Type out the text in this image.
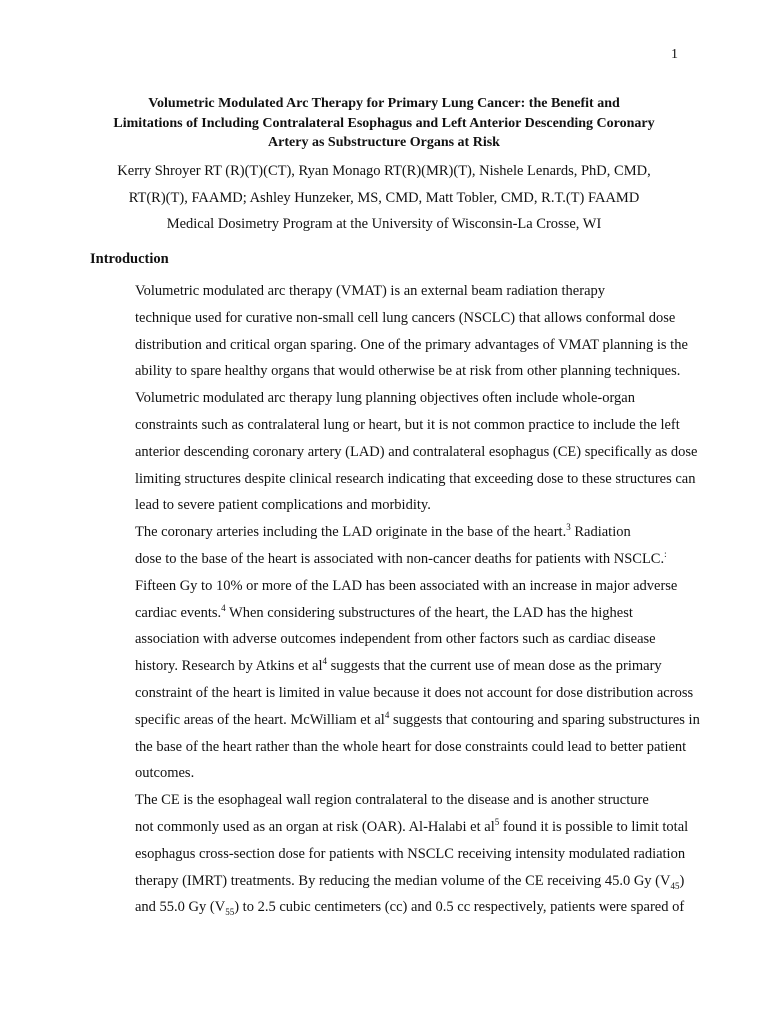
1
Volumetric Modulated Arc Therapy for Primary Lung Cancer: the Benefit and
Limitations of Including Contralateral Esophagus and Left Anterior Descending Coronary
Artery as Substructure Organs at Risk
Kerry Shroyer RT (R)(T)(CT), Ryan Monago RT(R)(MR)(T), Nishele Lenards, PhD, CMD,
RT(R)(T), FAAMD; Ashley Hunzeker, MS, CMD, Matt Tobler, CMD, R.T.(T) FAAMD
Medical Dosimetry Program at the University of Wisconsin-La Crosse, WI
Introduction

Volumetric modulated arc therapy (VMAT) is an external beam radiation therapy
technique used for curative non-small cell lung cancers (NSCLC) that allows conformal dose
distribution and critical organ sparing. One of the primary advantages of VMAT planning is the
ability to spare healthy organs that would otherwise be at risk from other planning techniques.
Volumetric modulated arc therapy lung planning objectives often include whole-organ
constraints such as contralateral lung or heart, but it is not common practice to include the left
anterior descending coronary artery (LAD) and contralateral esophagus (CE) specifically as dose
limiting structures despite clinical research indicating that exceeding dose to these structures can
lead to severe patient complications and morbidity.

The coronary arteries including the LAD originate in the base of the heart.$^3$ Radiation
dose to the base of the heart is associated with non-cancer deaths for patients with NSCLC.:
Fifteen Gy to 10% or more of the LAD has been associated with an increase in major adverse
cardiac events.$^4$ When considering substructures of the heart, the LAD has the highest
association with adverse outcomes independent from other factors such as cardiac disease
history. Research by Atkins et $al^4$ suggests that the current use of mean dose as the primary
constraint of the heart is limited in value because it does not account for dose distribution across
specific areas of the heart. McWilliam et $al^4$ suggests that contouring and sparing substructures in
the base of the heart rather than the whole heart for dose constraints could lead to better patient
outcomes.

The CE is the esophageal wall region contralateral to the disease and is another structure
not commonly used as an organ at risk (OAR). Al-Halabi et $al^5$ found it is possible to limit total
esophagus cross-section dose for patients with NSCLC receiving intensity modulated radiation
therapy (IMRT) treatments. By reducing the median volume of the CE receiving 45.0 Gy $(V_{45})$
and 55.0 Gy $(V_{55})$ to 2.5 cubic centimeters (cc) and 0.5 cc respectively, patients were spared of
